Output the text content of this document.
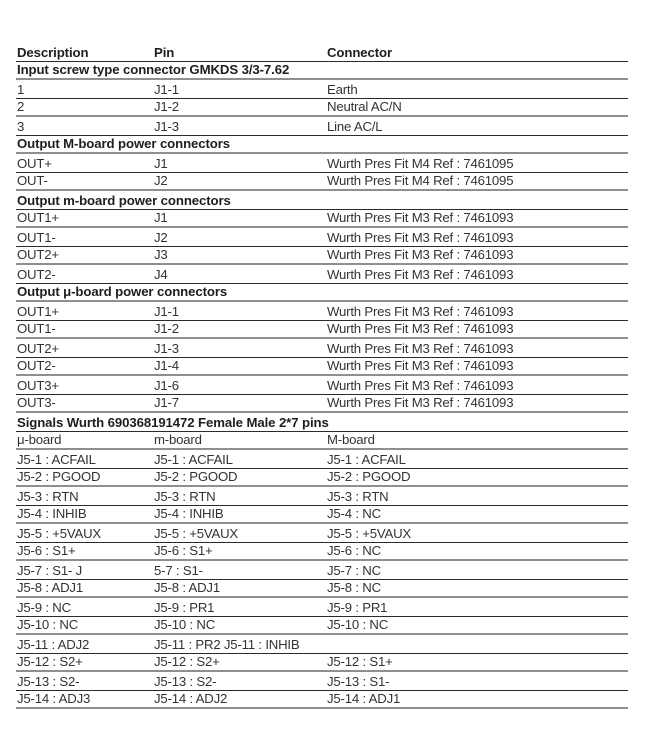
Description	Pin	Connector
Input screw type connector GMKDS 3/3-7.62
1	J1-1	Earth
2	J1-2	Neutral AC/N
3	J1-3	Line AC/L
Output M-board power connectors
OUT+	J1	Wurth Pres Fit M4 Ref : 7461095
OUT-	J2	Wurth Pres Fit M4 Ref : 7461095
Output m-board power connectors
OUT1+	J1	Wurth Pres Fit M3 Ref : 7461093
OUT1-	J2	Wurth Pres Fit M3 Ref : 7461093
OUT2+	J3	Wurth Pres Fit M3 Ref : 7461093
OUT2-	J4	Wurth Pres Fit M3 Ref : 7461093
Output μ-board power connectors
OUT1+	J1-1	Wurth Pres Fit M3 Ref : 7461093
OUT1-	J1-2	Wurth Pres Fit M3 Ref : 7461093
OUT2+	J1-3	Wurth Pres Fit M3 Ref : 7461093
OUT2-	J1-4	Wurth Pres Fit M3 Ref : 7461093
OUT3+	J1-6	Wurth Pres Fit M3 Ref : 7461093
OUT3-	J1-7	Wurth Pres Fit M3 Ref : 7461093
Signals Wurth 690368191472 Female Male 2*7 pins
μ-board	m-board	M-board
J5-1 : ACFAIL	J5-1 : ACFAIL	J5-1 : ACFAIL
J5-2 : PGOOD	J5-2 : PGOOD	J5-2 : PGOOD
J5-3 : RTN	J5-3 : RTN	J5-3 : RTN
J5-4 : INHIB	J5-4 : INHIB	J5-4 : NC
J5-5 : +5VAUX	J5-5 : +5VAUX	J5-5 : +5VAUX
J5-6 : S1+	J5-6 : S1+	J5-6 : NC
J5-7 : S1- J	5-7 : S1-	J5-7 : NC
J5-8 : ADJ1	J5-8 : ADJ1	J5-8 : NC
J5-9 : NC	J5-9 : PR1	J5-9 : PR1
J5-10 : NC	J5-10 : NC	J5-10 : NC
J5-11 : ADJ2	J5-11 : PR2 J5-11 : INHIB
J5-12 : S2+	J5-12 : S2+	J5-12 : S1+
J5-13 : S2-	J5-13 : S2-	J5-13 : S1-
J5-14 : ADJ3	J5-14 : ADJ2	J5-14 : ADJ1
